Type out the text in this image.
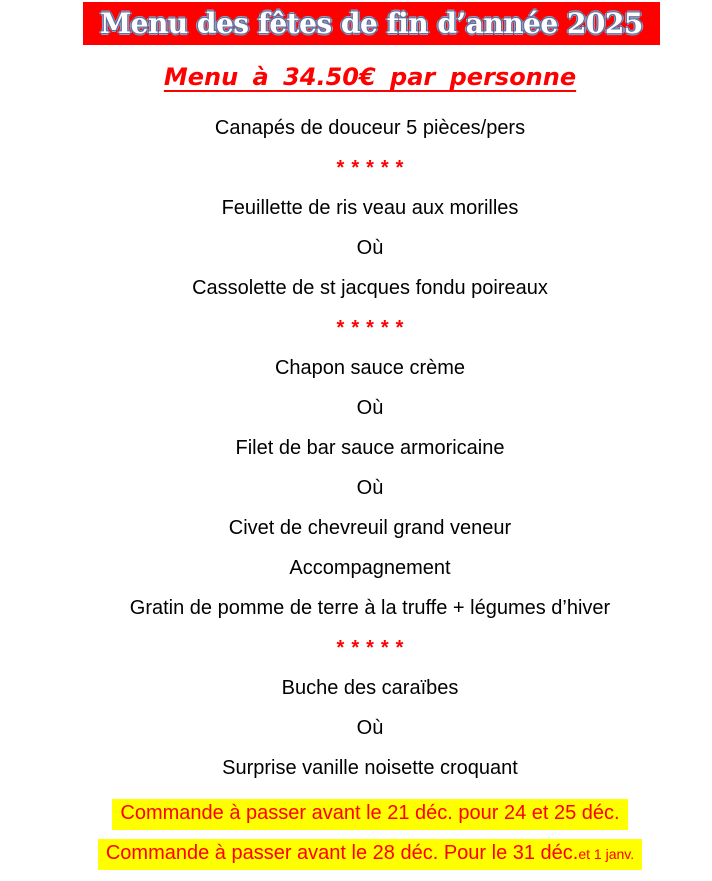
Menu des fêtes de fin d’année 2025
Menu à 34.50€ par personne
Canapés de douceur 5 pièces/pers
*****
Feuillette de ris veau aux morilles
Où
Cassolette de st jacques fondu poireaux
*****
Chapon sauce crème
Où
Filet de bar sauce armoricaine
Où
Civet de chevreuil grand veneur
Accompagnement
Gratin de pomme de terre à la truffe + légumes d’hiver
*****
Buche des caraïbes
Où
Surprise vanille noisette croquant
Commande à passer avant le 21 déc. pour 24 et 25 déc.
Commande à passer avant le 28 déc. Pour le 31 déc.et 1 janv.
